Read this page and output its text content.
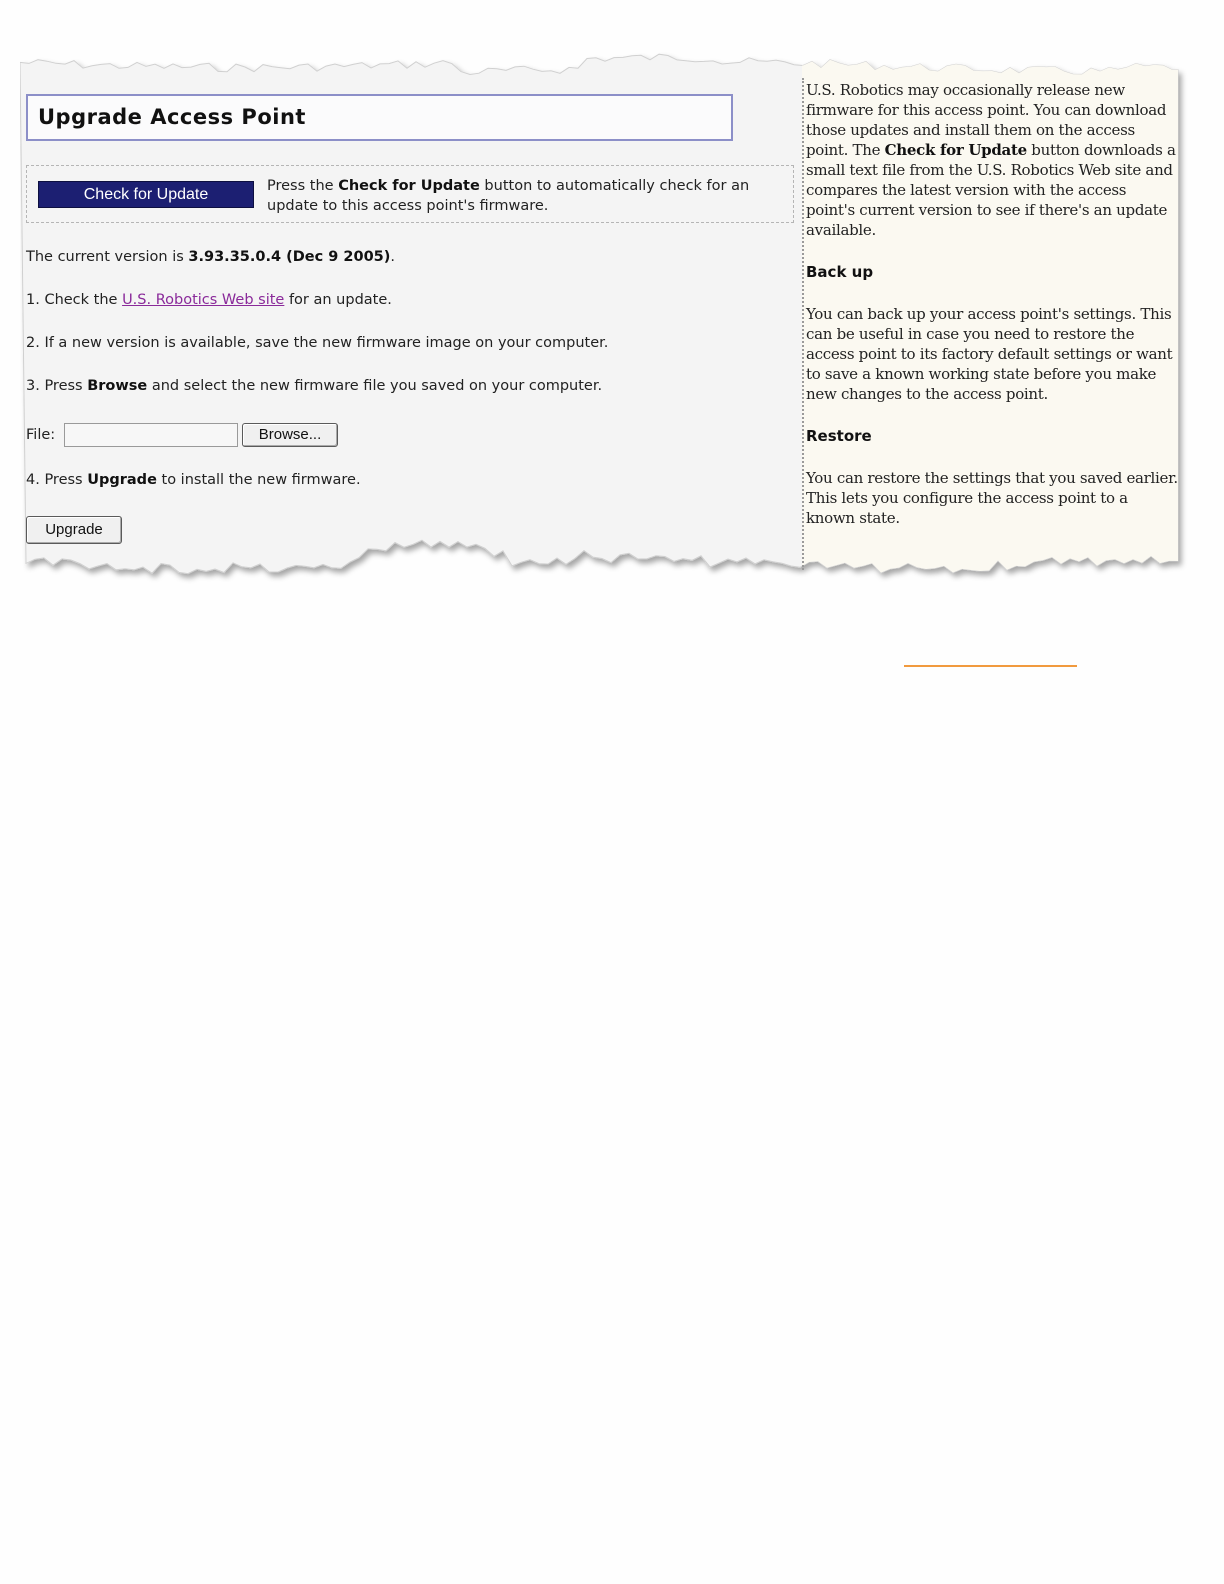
Upgrade Access Point
Check for Update	Press the Check for Update button to automatically check for an update to this access point's firmware.
The current version is 3.93.35.0.4 (Dec 9 2005).
1. Check the U.S. Robotics Web site for an update.
2. If a new version is available, save the new firmware image on your computer.
3. Press Browse and select the new firmware file you saved on your computer.
File:	Browse...
4. Press Upgrade to install the new firmware.
Upgrade

U.S. Robotics may occasionally release new firmware for this access point. You can download those updates and install them on the access point. The Check for Update button downloads a small text file from the U.S. Robotics Web site and compares the latest version with the access point's current version to see if there's an update available.

Back up

You can back up your access point's settings. This can be useful in case you need to restore the access point to its factory default settings or want to save a known working state before you make new changes to the access point.

Restore

You can restore the settings that you saved earlier. This lets you configure the access point to a known state.
